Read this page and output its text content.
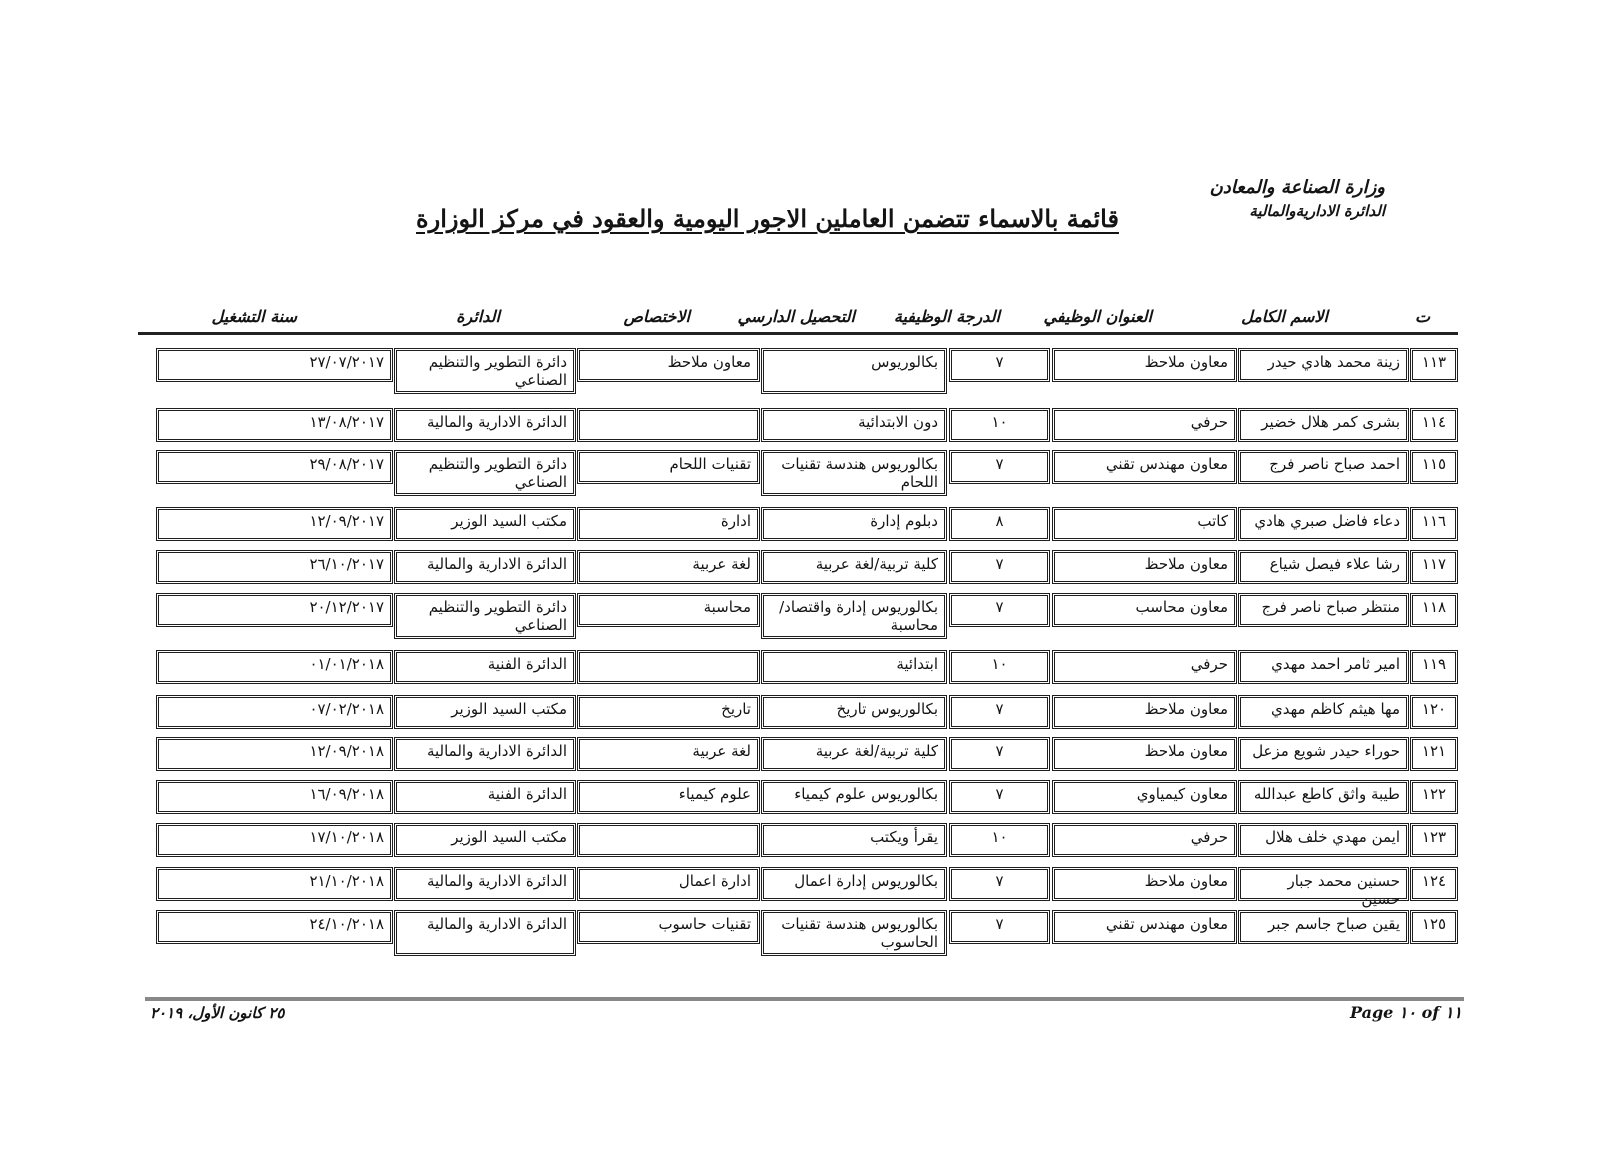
وزارة الصناعة والمعادن
الدائرة الاداريةوالمالية
قائمة بالاسماء تتضمن العاملين الاجور اليومية والعقود في مركز الوزارة
ت
الاسم الكامل
العنوان الوظيفي
الدرجة الوظيفية
التحصيل الدارسي
الاختصاص
الدائرة
سنة التشغيل
١١٣
زينة محمد هادي حيدر
معاون ملاحظ
٧
بكالوريوس
معاون ملاحظ
دائرة التطوير والتنظيم الصناعي
٢٧/٠٧/٢٠١٧
١١٤
بشرى كمر هلال خضير
حرفي
١٠
دون الابتدائية
الدائرة الادارية والمالية
١٣/٠٨/٢٠١٧
١١٥
احمد صباح ناصر فرج
معاون مهندس تقني
٧
بكالوريوس هندسة تقنيات اللحام
تقنيات اللحام
دائرة التطوير والتنظيم الصناعي
٢٩/٠٨/٢٠١٧
١١٦
دعاء فاضل صبري هادي
كاتب
٨
دبلوم إدارة
ادارة
مكتب السيد الوزير
١٢/٠٩/٢٠١٧
١١٧
رشا علاء فيصل شياع
معاون ملاحظ
٧
كلية تربية/لغة عربية
لغة عربية
الدائرة الادارية والمالية
٢٦/١٠/٢٠١٧
١١٨
منتظر صباح ناصر فرج
معاون محاسب
٧
بكالوريوس إدارة واقتصاد/محاسبة
محاسبة
دائرة التطوير والتنظيم الصناعي
٢٠/١٢/٢٠١٧
١١٩
امير ثامر احمد مهدي
حرفي
١٠
ابتدائية
الدائرة الفنية
٠١/٠١/٢٠١٨
١٢٠
مها هيثم كاظم مهدي
معاون ملاحظ
٧
بكالوريوس تاريخ
تاريخ
مكتب السيد الوزير
٠٧/٠٢/٢٠١٨
١٢١
حوراء حيدر شويع مزعل
معاون ملاحظ
٧
كلية تربية/لغة عربية
لغة عربية
الدائرة الادارية والمالية
١٢/٠٩/٢٠١٨
١٢٢
طيبة واثق كاطع عبدالله
معاون كيمياوي
٧
بكالوريوس علوم كيمياء
علوم كيمياء
الدائرة الفنية
١٦/٠٩/٢٠١٨
١٢٣
ايمن مهدي خلف هلال
حرفي
١٠
يقرأ ويكتب
مكتب السيد الوزير
١٧/١٠/٢٠١٨
١٢٤
حسنين محمد جبار حسين
معاون ملاحظ
٧
بكالوريوس إدارة اعمال
ادارة اعمال
الدائرة الادارية والمالية
٢١/١٠/٢٠١٨
١٢٥
يقين صباح جاسم جبر
معاون مهندس تقني
٧
بكالوريوس هندسة تقنيات الحاسوب
تقنيات حاسوب
الدائرة الادارية والمالية
٢٤/١٠/٢٠١٨
٢٥ كانون الأول، ٢٠١٩	Page ١٠ of ١١
